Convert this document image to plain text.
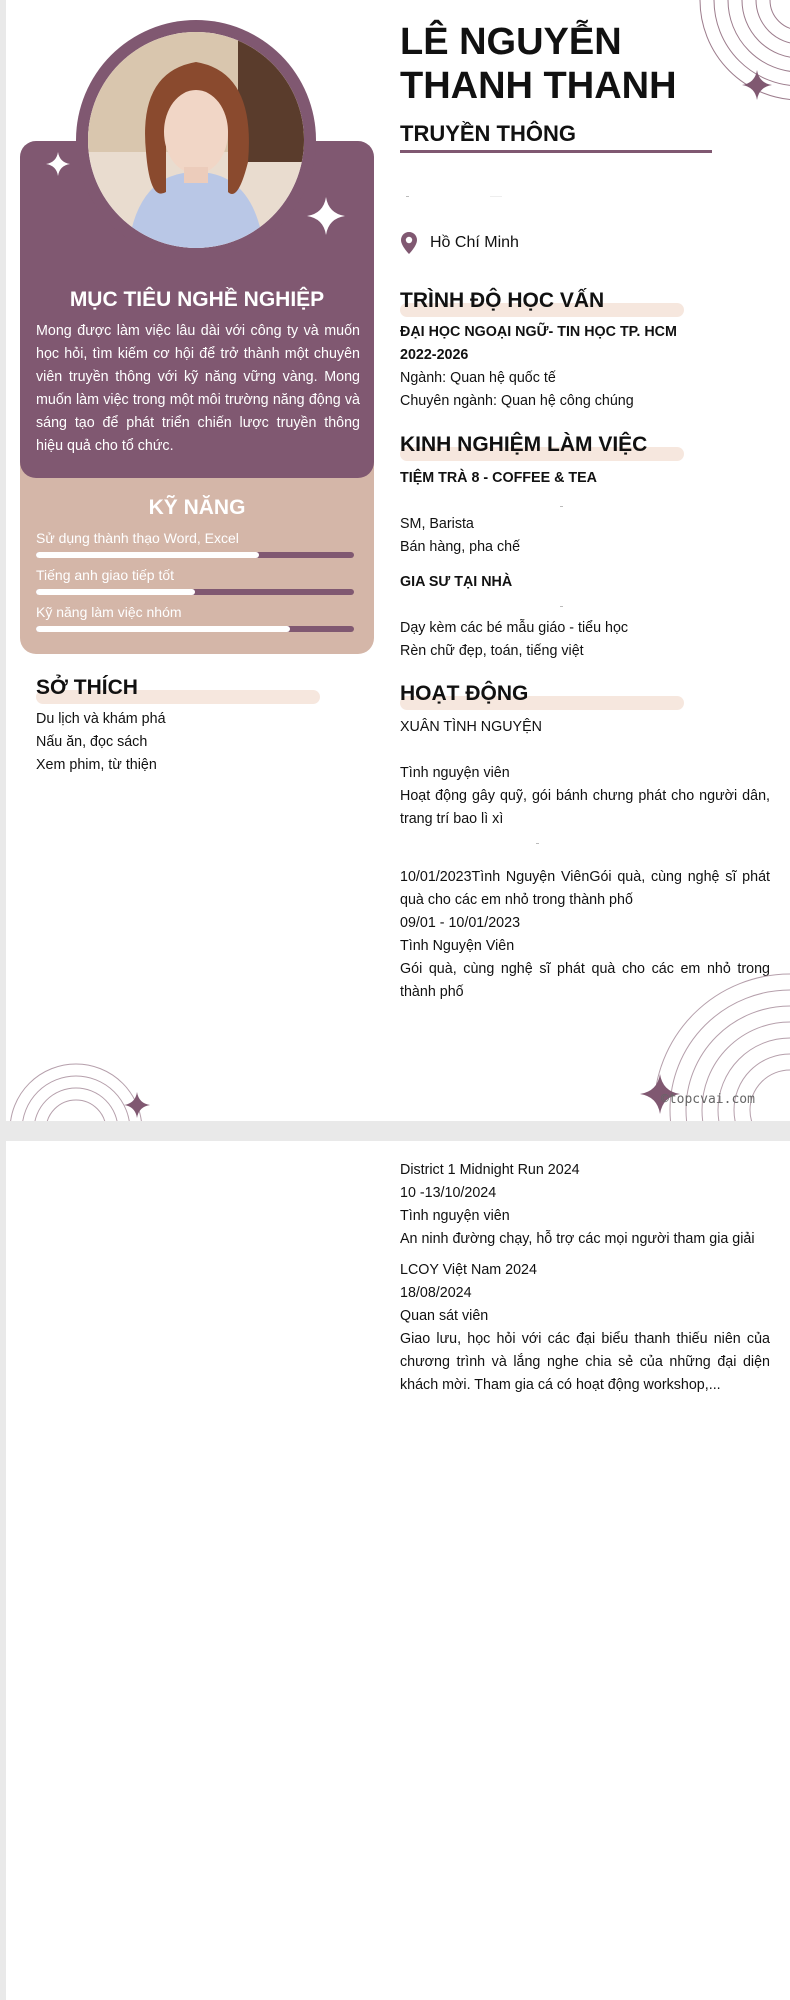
MỤC TIÊU NGHỀ NGHIỆP
Mong được làm việc lâu dài với công ty và muốn học hỏi, tìm kiếm cơ hội để trở thành một chuyên viên truyền thông với kỹ năng vững vàng. Mong muốn làm việc trong một môi trường năng động và sáng tạo để phát triển chiến lược truyền thông hiệu quả cho tổ chức.
KỸ NĂNG
Sử dụng thành thạo Word, Excel
Tiếng anh giao tiếp tốt
Kỹ năng làm việc nhóm
SỞ THÍCH
Du lịch và khám phá
Nấu ăn, đọc sách
Xem phim, từ thiện
LÊ NGUYỄN
THANH THANH
TRUYỀN THÔNG
Hồ Chí Minh
TRÌNH ĐỘ HỌC VẤN
ĐẠI HỌC NGOẠI NGỮ- TIN HỌC TP. HCM
2022-2026
Ngành: Quan hệ quốc tế
Chuyên ngành: Quan hệ công chúng
KINH NGHIỆM LÀM VIỆC
TIỆM TRÀ 8 - COFFEE & TEA
SM, Barista
Bán hàng, pha chế
GIA SƯ TẠI NHÀ
Dạy kèm các bé mẫu giáo - tiểu học
Rèn chữ đẹp, toán, tiếng việt
HOẠT ĐỘNG
XUÂN TÌNH NGUYỆN
Tình nguyện viên
Hoạt động gây quỹ, gói bánh chưng phát cho người dân, trang trí bao lì xì
10/01/2023Tình Nguyện ViênGói quà, cùng nghệ sĩ phát quà cho các em nhỏ trong thành phố
09/01 - 10/01/2023
Tình Nguyện Viên
Gói quà, cùng nghệ sĩ phát quà cho các em nhỏ trong thành phố
©topcvai.com
District 1 Midnight Run 2024
10 -13/10/2024
Tình nguyện viên
An ninh đường chạy, hỗ trợ các mọi người tham gia giải
LCOY Việt Nam 2024
18/08/2024
Quan sát viên
Giao lưu, học hỏi với các đại biểu thanh thiếu niên của chương trình và lắng nghe chia sẻ của những đại diện khách mời. Tham gia cá có hoạt động workshop,...
